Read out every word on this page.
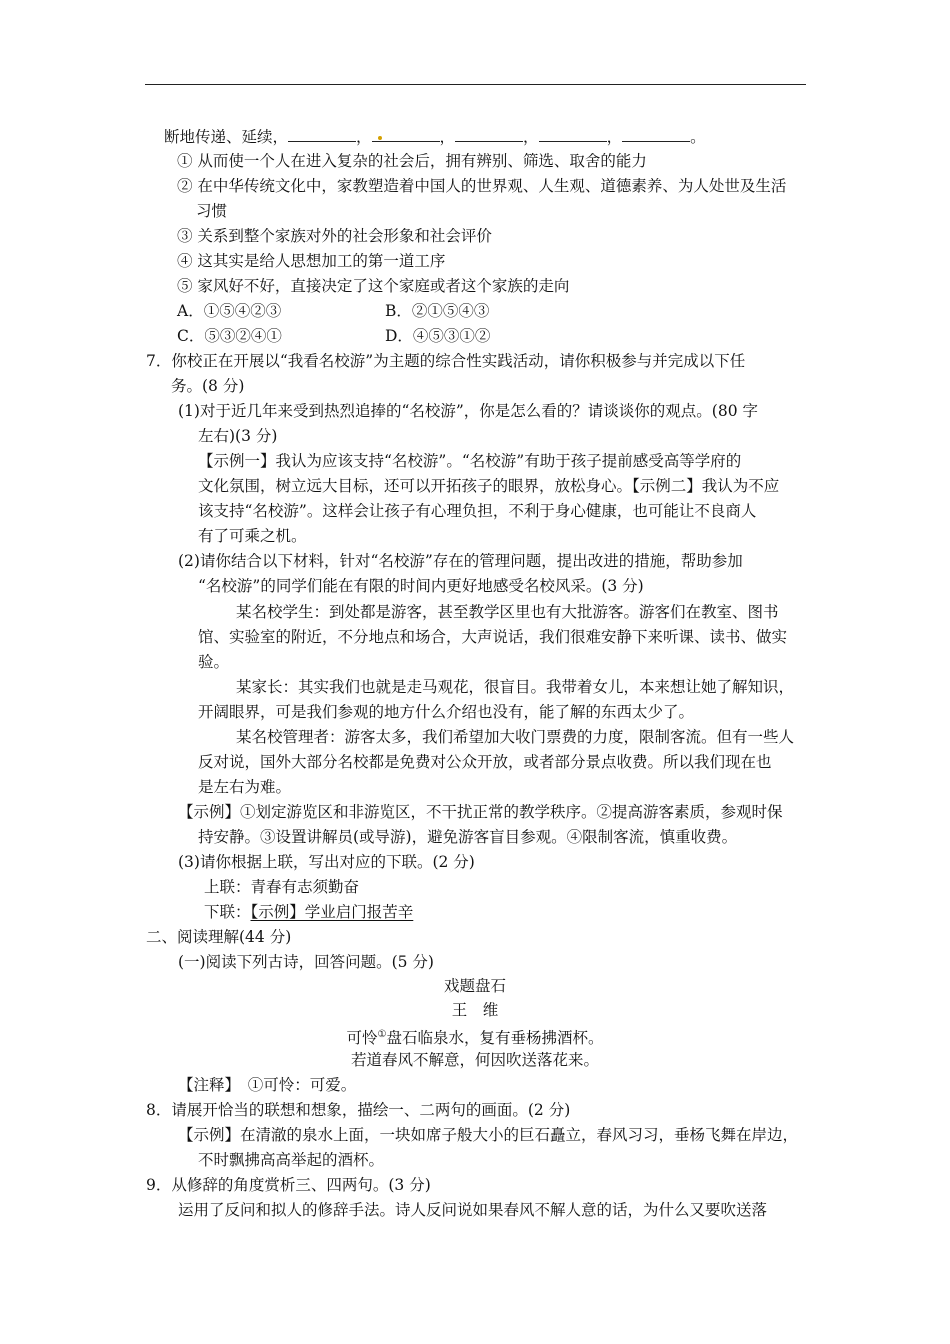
断地传递、延续，	，	，	，	，	。
① 从而使一个人在进入复杂的社会后，拥有辨别、筛选、取舍的能力
② 在中华传统文化中，家教塑造着中国人的世界观、人生观、道德素养、为人处世及生活
习惯
③ 关系到整个家族对外的社会形象和社会评价
④ 这其实是给人思想加工的第一道工序
⑤ 家风好不好，直接决定了这个家庭或者这个家族的走向
A．①⑤④②③	B．②①⑤④③
C．⑤③②④①	D．④⑤③①②
7．你校正在开展以“我看名校游”为主题的综合性实践活动，请你积极参与并完成以下任
务。(8 分)
(1)对于近几年来受到热烈追捧的“名校游”，你是怎么看的？请谈谈你的观点。(80 字
左右)(3 分)
【示例一】我认为应该支持“名校游”。“名校游”有助于孩子提前感受高等学府的
文化氛围，树立远大目标，还可以开拓孩子的眼界，放松身心。【示例二】我认为不应
该支持“名校游”。这样会让孩子有心理负担，不利于身心健康，也可能让不良商人
有了可乘之机。
(2)请你结合以下材料，针对“名校游”存在的管理问题，提出改进的措施，帮助参加
“名校游”的同学们能在有限的时间内更好地感受名校风采。(3 分)
某名校学生：到处都是游客，甚至教学区里也有大批游客。游客们在教室、图书
馆、实验室的附近，不分地点和场合，大声说话，我们很难安静下来听课、读书、做实
验。
某家长：其实我们也就是走马观花，很盲目。我带着女儿，本来想让她了解知识，
开阔眼界，可是我们参观的地方什么介绍也没有，能了解的东西太少了。
某名校管理者：游客太多，我们希望加大收门票费的力度，限制客流。但有一些人
反对说，国外大部分名校都是免费对公众开放，或者部分景点收费。所以我们现在也
是左右为难。
【示例】①划定游览区和非游览区，不干扰正常的教学秩序。②提高游客素质，参观时保
持安静。③设置讲解员(或导游)，避免游客盲目参观。④限制客流，慎重收费。
(3)请你根据上联，写出对应的下联。(2 分)
上联：青春有志须勤奋
下联：【示例】学业启门报苦辛
二、阅读理解(44 分)
(一)阅读下列古诗，回答问题。(5 分)
戏题盘石
王　维
可怜①盘石临泉水，复有垂杨拂酒杯。
若道春风不解意，何因吹送落花来。
【注释】　①可怜：可爱。
8．请展开恰当的联想和想象，描绘一、二两句的画面。(2 分)
【示例】在清澈的泉水上面，一块如席子般大小的巨石矗立，春风习习，垂杨飞舞在岸边，
不时飘拂高高举起的酒杯。
9．从修辞的角度赏析三、四两句。(3 分)
运用了反问和拟人的修辞手法。诗人反问说如果春风不解人意的话，为什么又要吹送落
